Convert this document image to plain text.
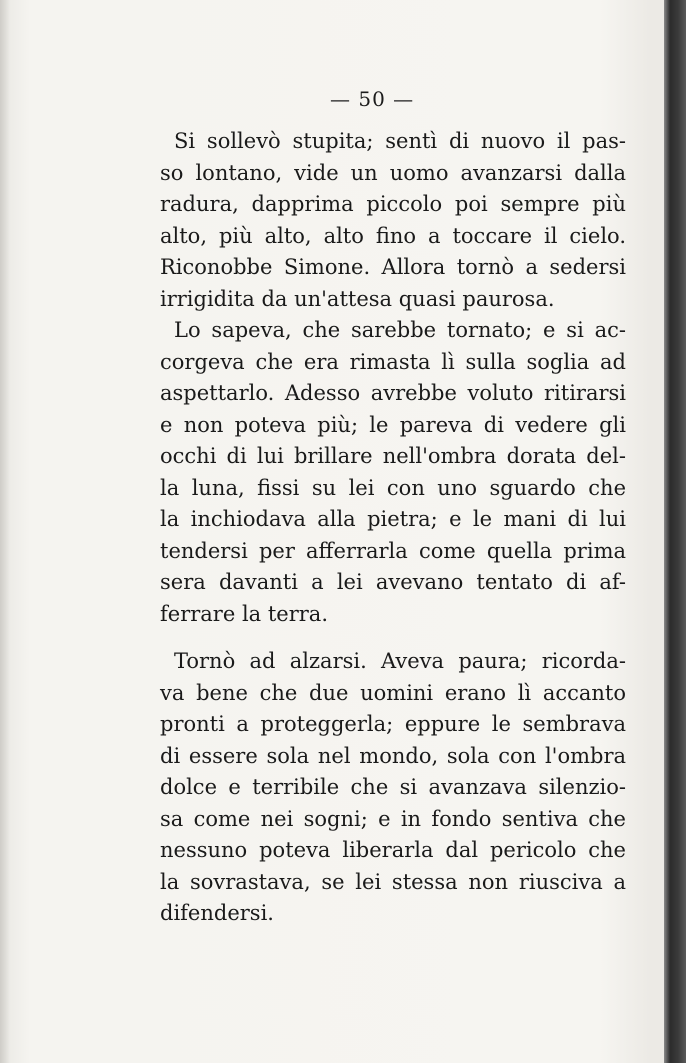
— 50 —
Si sollevò stupita; sentì di nuovo il pas-
so lontano, vide un uomo avanzarsi dalla
radura, dapprima piccolo poi sempre più
alto, più alto, alto fino a toccare il cielo.
Riconobbe Simone. Allora tornò a sedersi
irrigidita da un'attesa quasi paurosa.
Lo sapeva, che sarebbe tornato; e si ac-
corgeva che era rimasta lì sulla soglia ad
aspettarlo. Adesso avrebbe voluto ritirarsi
e non poteva più; le pareva di vedere gli
occhi di lui brillare nell'ombra dorata del-
la luna, fissi su lei con uno sguardo che
la inchiodava alla pietra; e le mani di lui
tendersi per afferrarla come quella prima
sera davanti a lei avevano tentato di af-
ferrare la terra.
Tornò ad alzarsi. Aveva paura; ricorda-
va bene che due uomini erano lì accanto
pronti a proteggerla; eppure le sembrava
di essere sola nel mondo, sola con l'ombra
dolce e terribile che si avanzava silenzio-
sa come nei sogni; e in fondo sentiva che
nessuno poteva liberarla dal pericolo che
la sovrastava, se lei stessa non riusciva a
difendersi.
